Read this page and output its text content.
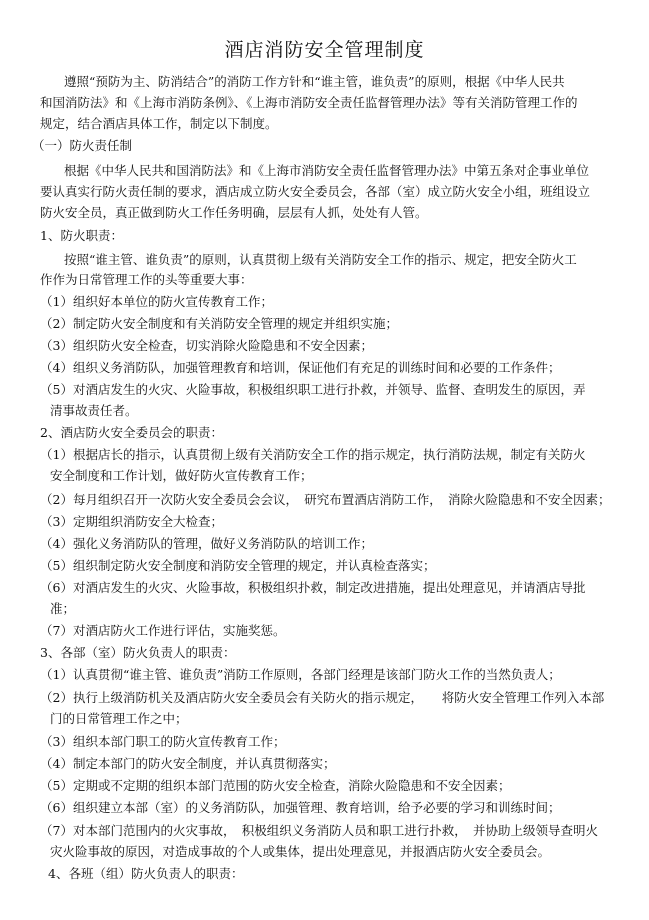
酒店消防安全管理制度
遵照“预防为主、防消结合”的消防工作方针和“谁主管，谁负责”的原则，根据《中华人民共
和国消防法》和《上海市消防条例》、《上海市消防安全责任监督管理办法》等有关消防管理工作的
规定，结合酒店具体工作，制定以下制度。
（一）防火责任制
根据《中华人民共和国消防法》和《上海市消防安全责任监督管理办法》中第五条对企事业单位
要认真实行防火责任制的要求，酒店成立防火安全委员会，各部（室）成立防火安全小组，班组设立
防火安全员，真正做到防火工作任务明确，层层有人抓，处处有人管。
1、防火职责：
按照“谁主管、谁负责”的原则，认真贯彻上级有关消防安全工作的指示、规定，把安全防火工
作作为日常管理工作的头等重要大事：
（1）组织好本单位的防火宣传教育工作；
（2）制定防火安全制度和有关消防安全管理的规定并组织实施；
（3）组织防火安全检查，切实消除火险隐患和不安全因素；
（4）组织义务消防队，加强管理教育和培训，保证他们有充足的训练时间和必要的工作条件；
（5）对酒店发生的火灾、火险事故，积极组织职工进行扑救，并领导、监督、查明发生的原因，弄
清事故责任者。
2、酒店防火安全委员会的职责：
（1）根据店长的指示，认真贯彻上级有关消防安全工作的指示规定，执行消防法规，制定有关防火
安全制度和工作计划，做好防火宣传教育工作；
（2）每月组织召开一次防火安全委员会会议，　研究布置酒店消防工作，　消除火险隐患和不安全因素；
（3）定期组织消防安全大检查；
（4）强化义务消防队的管理，做好义务消防队的培训工作；
（5）组织制定防火安全制度和消防安全管理的规定，并认真检查落实；
（6）对酒店发生的火灾、火险事故，积极组织扑救，制定改进措施，提出处理意见，并请酒店导批
准；
（7）对酒店防火工作进行评估，实施奖惩。
3、各部（室）防火负责人的职责：
（1）认真贯彻“谁主管、谁负责”消防工作原则，各部门经理是该部门防火工作的当然负责人；
（2）执行上级消防机关及酒店防火安全委员会有关防火的指示规定，　　将防火安全管理工作列入本部
门的日常管理工作之中；
（3）组织本部门职工的防火宣传教育工作；
（4）制定本部门的防火安全制度，并认真贯彻落实；
（5）定期或不定期的组织本部门范围的防火安全检查，消除火险隐患和不安全因素；
（6）组织建立本部（室）的义务消防队，加强管理、教育培训，给予必要的学习和训练时间；
（7）对本部门范围内的火灾事故，　积极组织义务消防人员和职工进行扑救，　并协助上级领导查明火
灾火险事故的原因，对造成事故的个人或集体，提出处理意见，并报酒店防火安全委员会。
4、各班（组）防火负责人的职责：
